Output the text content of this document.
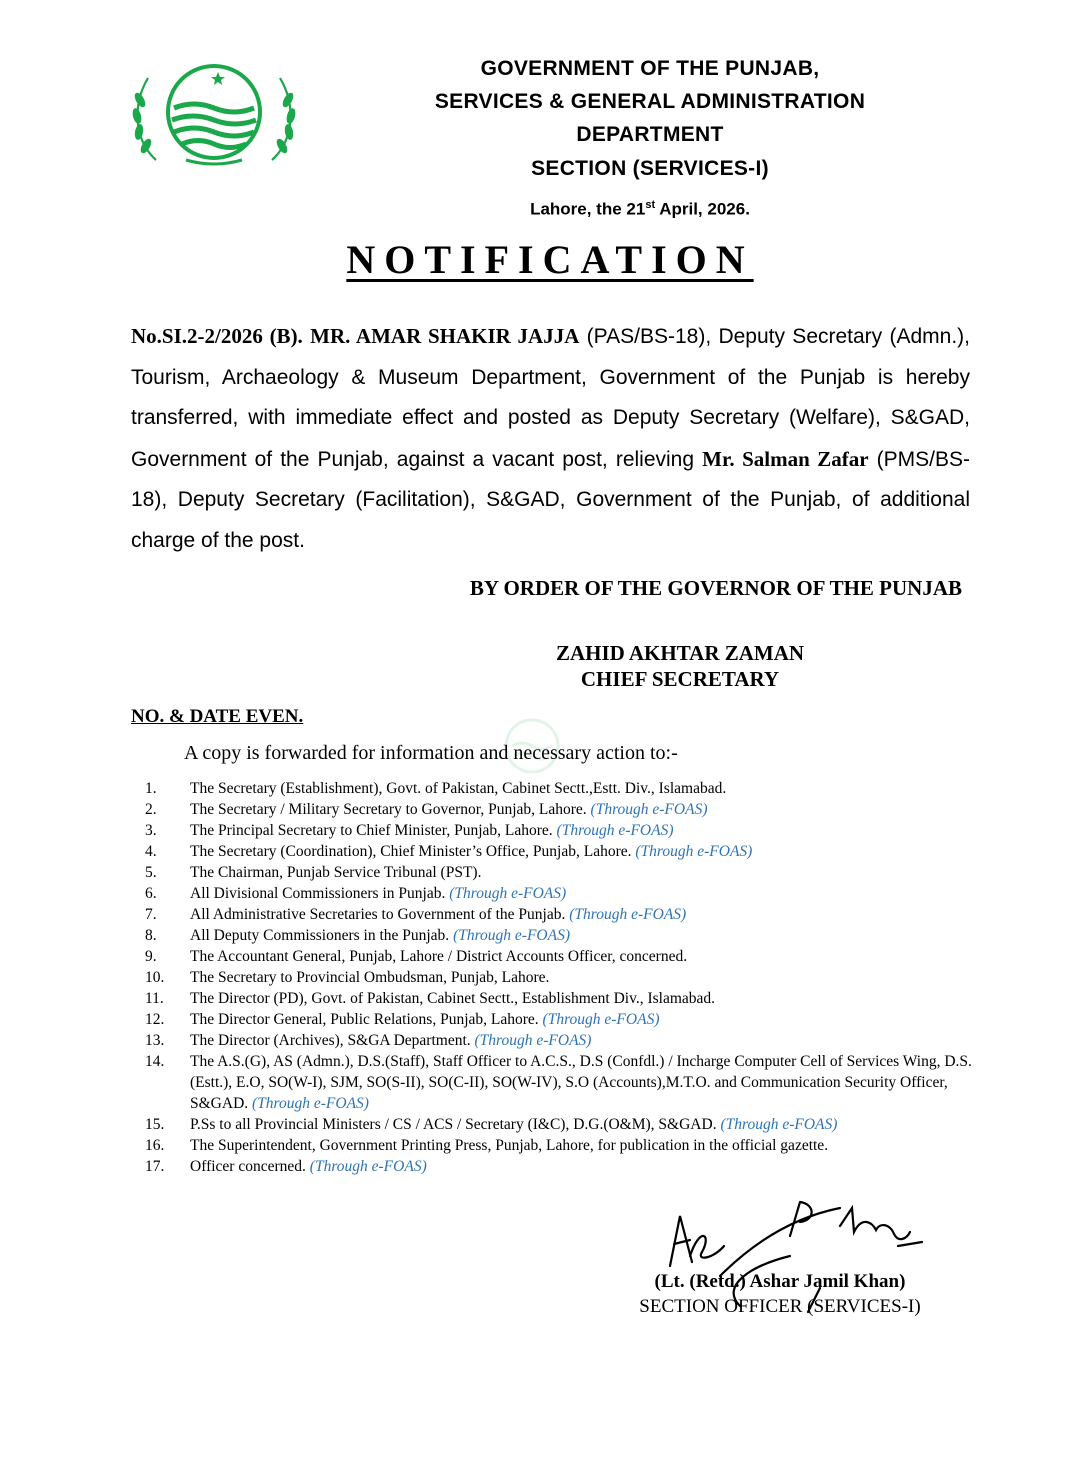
GOVERNMENT OF THE PUNJAB,
SERVICES & GENERAL ADMINISTRATION
DEPARTMENT
SECTION (SERVICES-I)
Lahore, the 21st April, 2026.
NOTIFICATION

No.SI.2-2/2026 (B). MR. AMAR SHAKIR JAJJA (PAS/BS-18), Deputy Secretary (Admn.), Tourism, Archaeology & Museum Department, Government of the Punjab is hereby transferred, with immediate effect and posted as Deputy Secretary (Welfare), S&GAD, Government of the Punjab, against a vacant post, relieving Mr. Salman Zafar (PMS/BS-18), Deputy Secretary (Facilitation), S&GAD, Government of the Punjab, of additional charge of the post.

BY ORDER OF THE GOVERNOR OF THE PUNJAB
ZAHID AKHTAR ZAMAN
CHIEF SECRETARY
NO. & DATE EVEN.
A copy is forwarded for information and necessary action to:-
1. The Secretary (Establishment), Govt. of Pakistan, Cabinet Sectt.,Estt. Div., Islamabad.
2. The Secretary / Military Secretary to Governor, Punjab, Lahore. (Through e-FOAS)
3. The Principal Secretary to Chief Minister, Punjab, Lahore. (Through e-FOAS)
4. The Secretary (Coordination), Chief Minister’s Office, Punjab, Lahore. (Through e-FOAS)
5. The Chairman, Punjab Service Tribunal (PST).
6. All Divisional Commissioners in Punjab. (Through e-FOAS)
7. All Administrative Secretaries to Government of the Punjab. (Through e-FOAS)
8. All Deputy Commissioners in the Punjab. (Through e-FOAS)
9. The Accountant General, Punjab, Lahore / District Accounts Officer, concerned.
10. The Secretary to Provincial Ombudsman, Punjab, Lahore.
11. The Director (PD), Govt. of Pakistan, Cabinet Sectt., Establishment Div., Islamabad.
12. The Director General, Public Relations, Punjab, Lahore. (Through e-FOAS)
13. The Director (Archives), S&GA Department. (Through e-FOAS)
14. The A.S.(G), AS (Admn.), D.S.(Staff), Staff Officer to A.C.S., D.S (Confdl.) / Incharge Computer Cell of Services Wing, D.S.(Estt.), E.O, SO(W-I), SJM, SO(S-II), SO(C-II), SO(W-IV), S.O (Accounts),M.T.O. and Communication Security Officer, S&GAD. (Through e-FOAS)
15. P.Ss to all Provincial Ministers / CS / ACS / Secretary (I&C), D.G.(O&M), S&GAD. (Through e-FOAS)
16. The Superintendent, Government Printing Press, Punjab, Lahore, for publication in the official gazette.
17. Officer concerned. (Through e-FOAS)
(Lt. (Retd.) Ashar Jamil Khan)
SECTION OFFICER (SERVICES-I)
